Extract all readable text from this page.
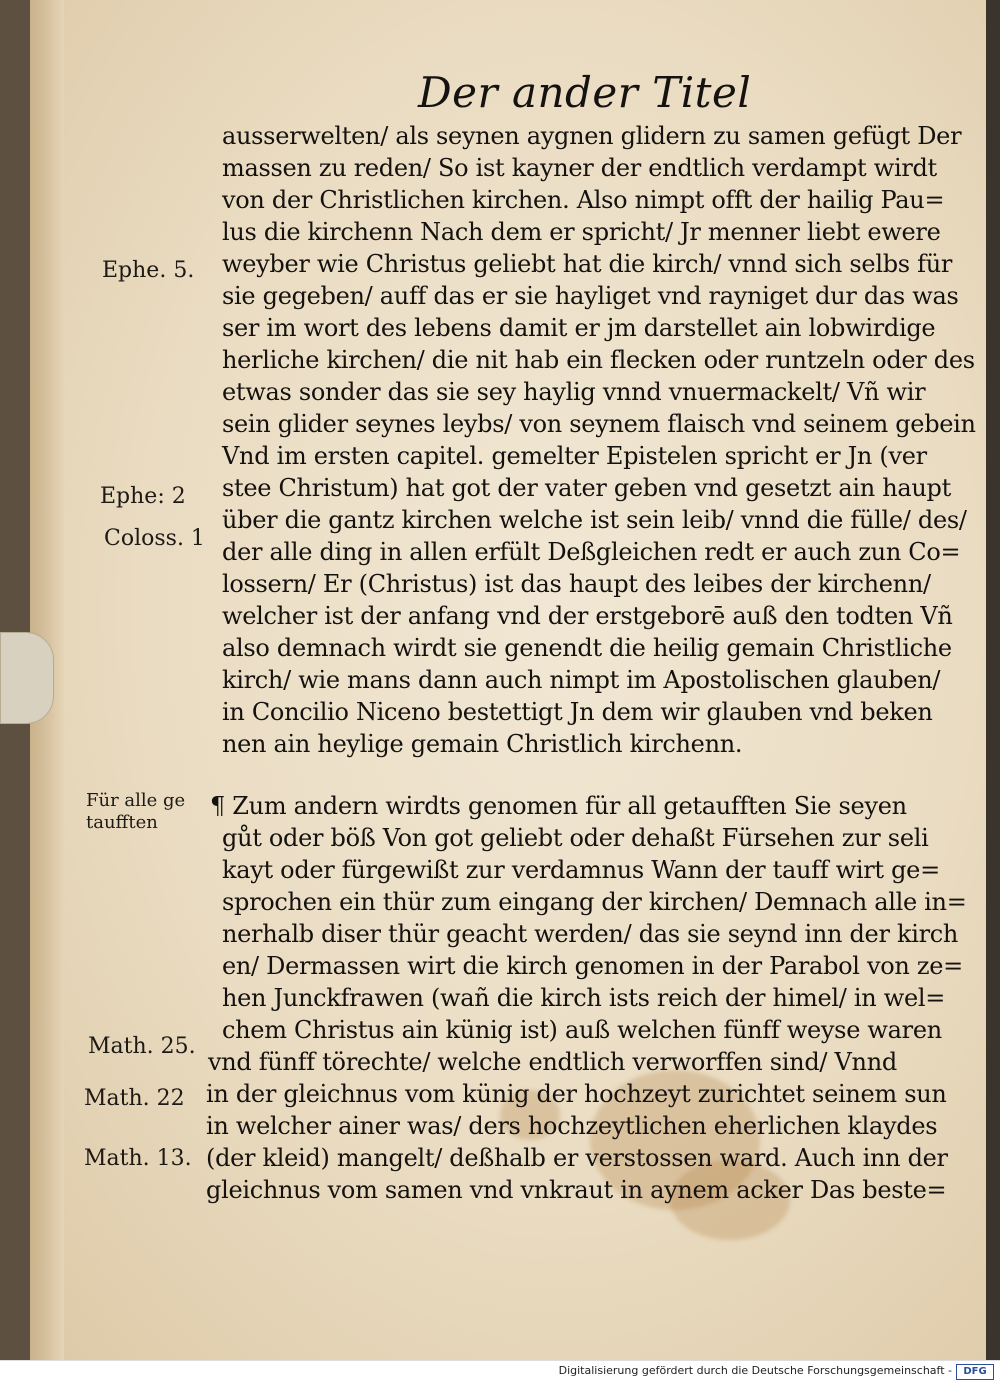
Der ander Titel
ausserwelten/ als seynen aygnen glidern zu samen gefügt Der
massen zu reden/ So ist kayner der endtlich verdampt wirdt
von der Christlichen kirchen. Also nimpt offt der hailig Pau=
lus die kirchenn Nach dem er spricht/ Jr menner liebt ewere
weyber wie Christus geliebt hat die kirch/ vnnd sich selbs für
sie gegeben/ auff das er sie hayliget vnd rayniget dur das was
ser im wort des lebens damit er jm darstellet ain lobwirdige
herliche kirchen/ die nit hab ein flecken oder runtzeln oder des
etwas sonder das sie sey haylig vnnd vnuermackelt/ Vñ wir
sein glider seynes leybs/ von seynem flaisch vnd seinem gebein
Vnd im ersten capitel. gemelter Epistelen spricht er Jn (ver
stee Christum) hat got der vater geben vnd gesetzt ain haupt
über die gantz kirchen welche ist sein leib/ vnnd die fülle/ des/
der alle ding in allen erfült Deßgleichen redt er auch zun Co=
lossern/ Er (Christus) ist das haupt des leibes der kirchenn/
welcher ist der anfang vnd der erstgeborē auß den todten Vñ
also demnach wirdt sie genendt die heilig gemain Christliche
kirch/ wie mans dann auch nimpt im Apostolischen glauben/
in Concilio Niceno bestettigt Jn dem wir glauben vnd beken
nen ain heylige gemain Christlich kirchenn.
¶ Zum andern wirdts genomen für all getaufften Sie seyen
gůt oder böß Von got geliebt oder dehaßt Fürsehen zur seli
kayt oder fürgewißt zur verdamnus Wann der tauff wirt ge=
sprochen ein thür zum eingang der kirchen/ Demnach alle in=
nerhalb diser thür geacht werden/ das sie seynd inn der kirch
en/ Dermassen wirt die kirch genomen in der Parabol von ze=
hen Junckfrawen (wañ die kirch ists reich der himel/ in wel=
chem Christus ain künig ist) auß welchen fünff weyse waren
vnd fünff törechte/ welche endtlich verworffen sind/ Vnnd
in der gleichnus vom künig der hochzeyt zurichtet seinem sun
in welcher ainer was/ ders hochzeytlichen eherlichen klaydes
(der kleid) mangelt/ deßhalb er verstossen ward. Auch inn der
gleichnus vom samen vnd vnkraut in aynem acker Das beste=
Ephe. 5.
Ephe: 2
Coloss. 1
Für alle ge
taufften
Math. 25.
Math. 22
Math. 13.
Digitalisierung gefördert durch die Deutsche Forschungsgemeinschaft -	DFG
